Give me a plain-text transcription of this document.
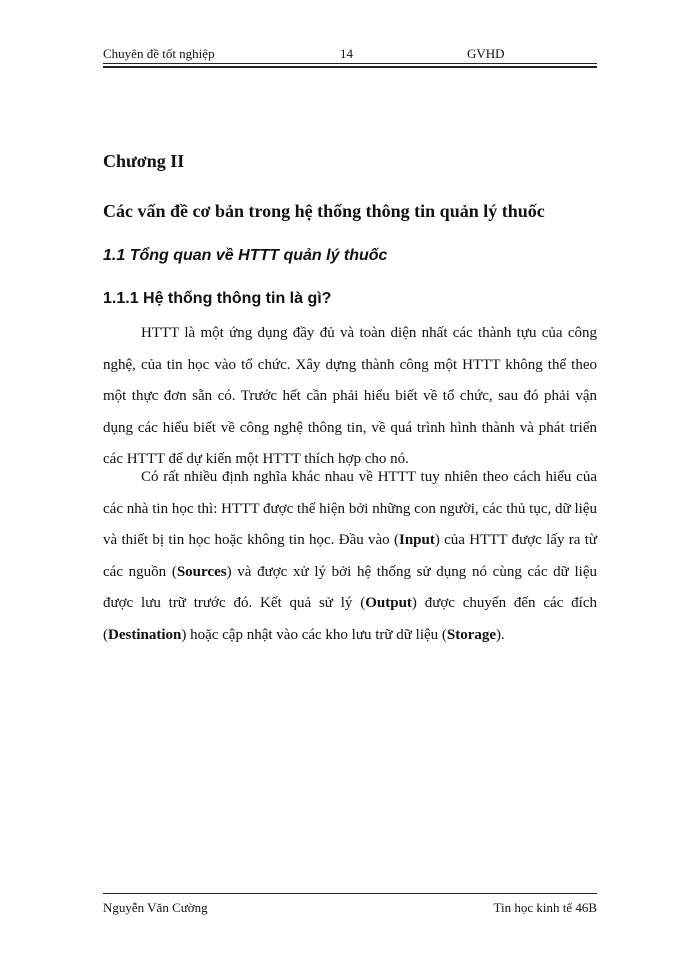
Chuyên đề tốt nghiệp	14	GVHD
Chương II
Các vấn đề cơ bản trong hệ thống thông tin quản lý thuốc
1.1 Tổng quan về HTTT quản lý thuốc
1.1.1 Hệ thống thông tin là gì?
HTTT là một ứng dụng đầy đủ và toàn diện nhất các thành tựu của công nghệ, của tin học vào tổ chức. Xây dựng thành công một HTTT không thể theo một thực đơn sẵn có. Trước hết cần phải hiểu biết về tổ chức, sau đó phải vận dụng các hiểu biết về công nghệ thông tin, về quá trình hình thành và phát triển các HTTT để dự kiến một HTTT thích hợp cho nó.
Có rất nhiều định nghĩa khác nhau về HTTT tuy nhiên theo cách hiểu của các nhà tin học thì: HTTT được thể hiện bởi những con người, các thủ tục, dữ liệu và thiết bị tin học hoặc không tin học. Đầu vào (Input) của HTTT được lấy ra từ các nguồn (Sources) và được xử lý bởi hệ thống sử dụng nó cùng các dữ liệu được lưu trữ trước đó. Kết quả sử lý (Output) được chuyển đến các đích (Destination) hoặc cập nhật vào các kho lưu trữ dữ liệu (Storage).
Nguyễn Văn Cường	Tin học kinh tế 46B
